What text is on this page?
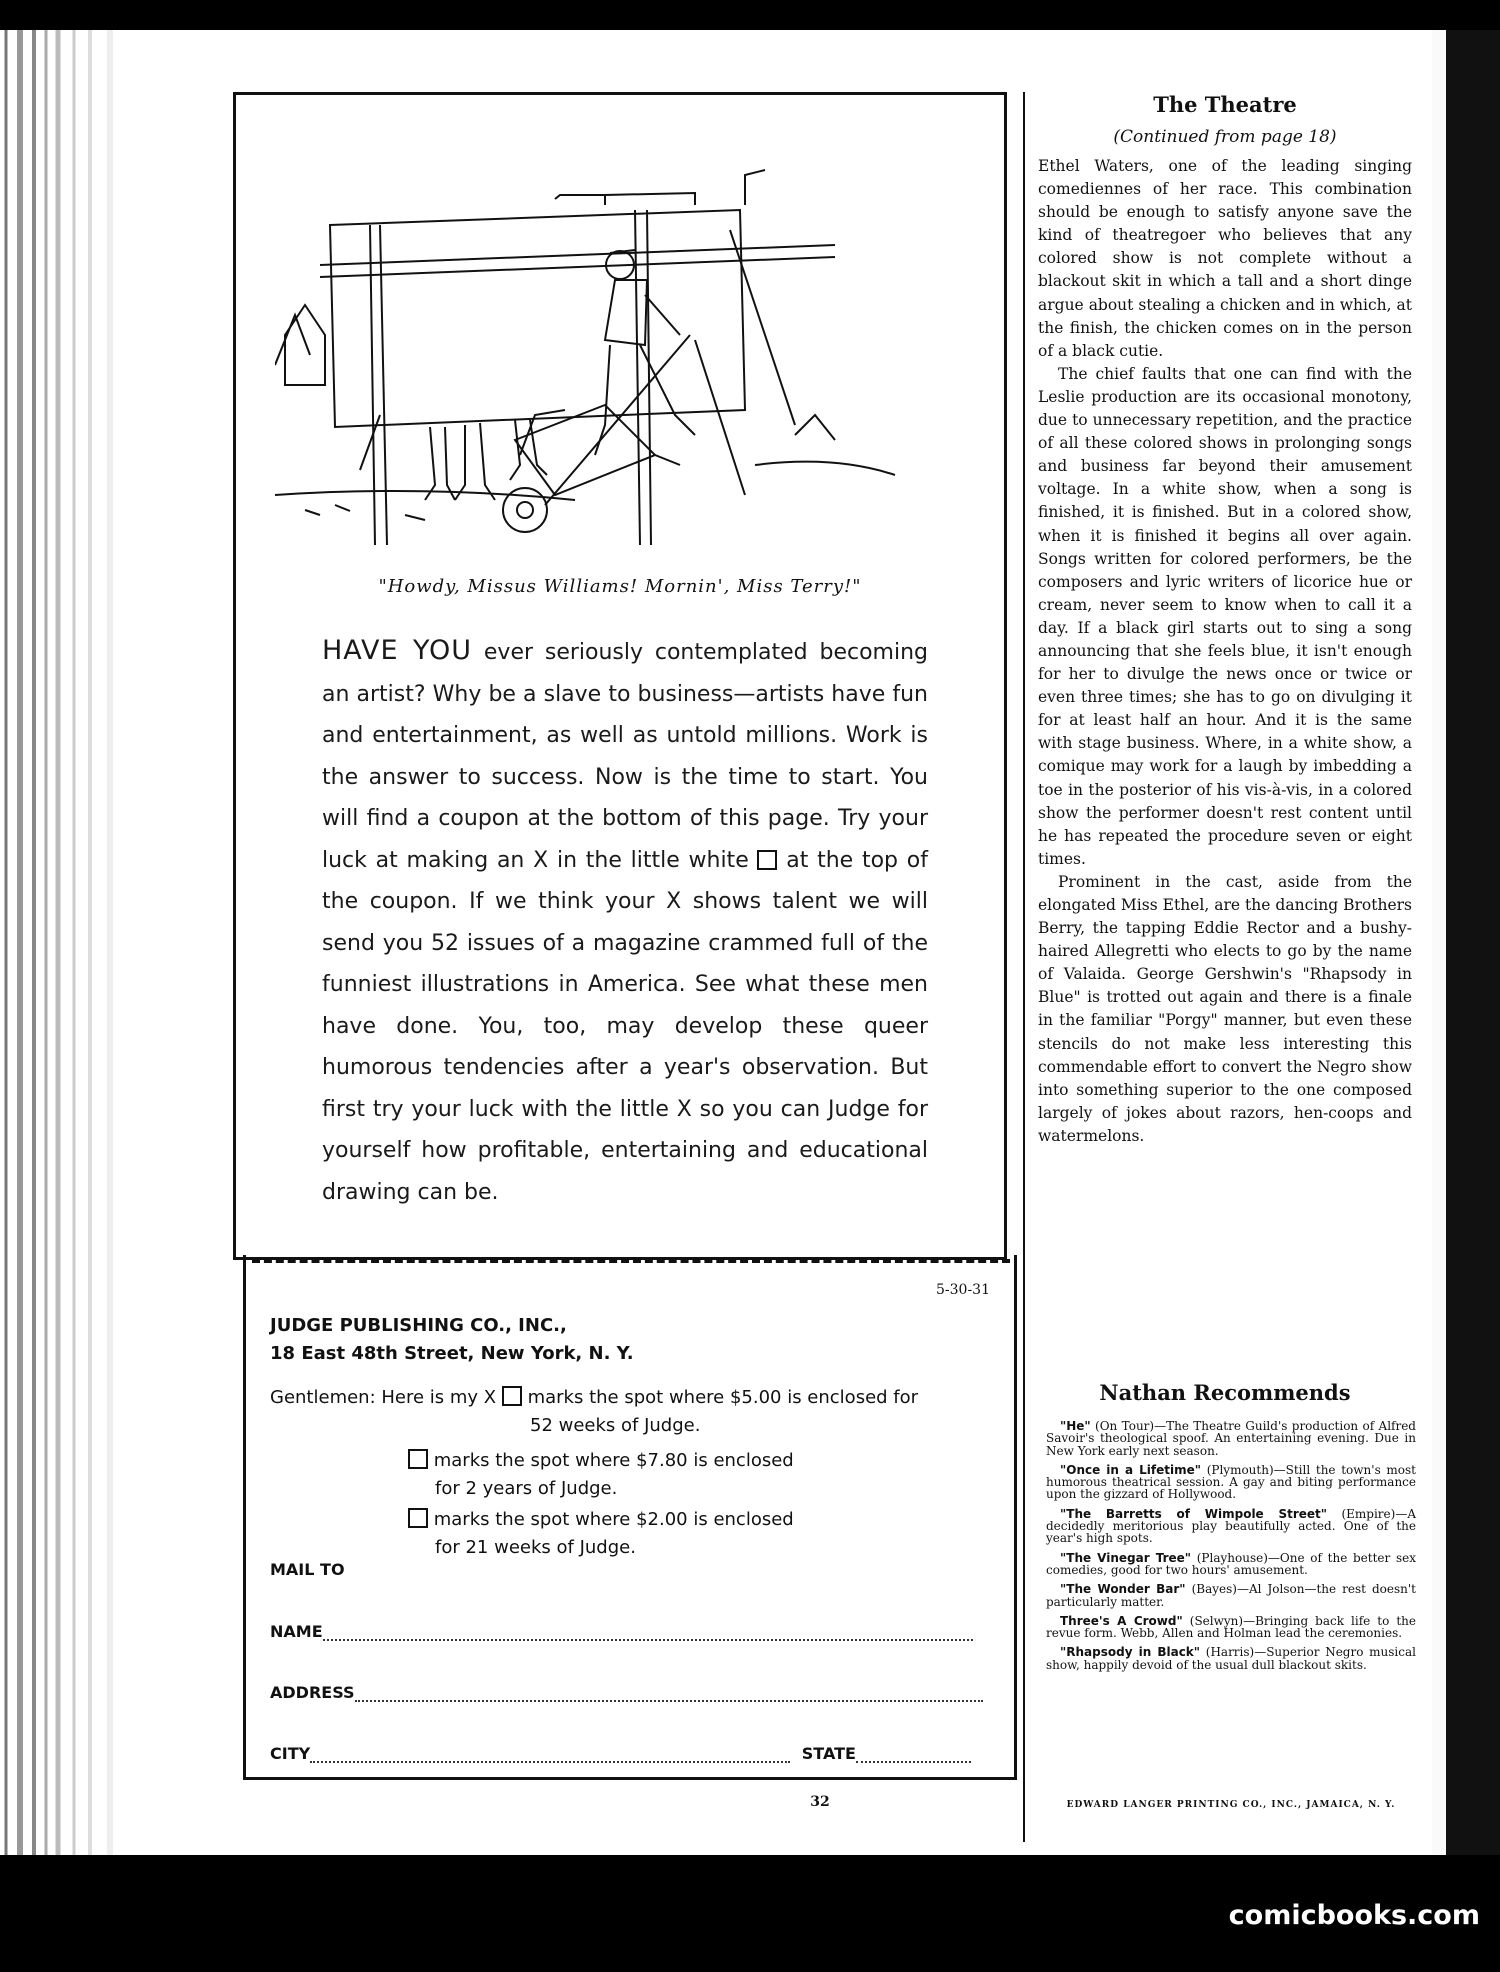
"Howdy, Missus Williams! Mornin', Miss Terry!"
HAVE YOU ever seriously contemplated becoming an artist? Why be a slave to business—artists have fun and entertainment, as well as untold millions. Work is the answer to success. Now is the time to start. You will find a coupon at the bottom of this page. Try your luck at making an X in the little white  at the top of the coupon. If we think your X shows talent we will send you 52 issues of a magazine crammed full of the funniest illustrations in America. See what these men have done. You, too, may develop these queer humorous tendencies after a year's observation. But first try your luck with the little X so you can Judge for yourself how profitable, entertaining and educational drawing can be.
5-30-31
JUDGE PUBLISHING CO., INC.,
18 East 48th Street, New York, N. Y.
Gentlemen: Here is my X marks the spot where $5.00 is enclosed for
52 weeks of Judge.
marks the spot where $7.80 is enclosed
for 2 years of Judge.
marks the spot where $2.00 is enclosed
for 21 weeks of Judge.
MAIL TO
NAME
ADDRESS
CITY	STATE
The Theatre
(Continued from page 18)

Ethel Waters, one of the leading singing comediennes of her race. This combination should be enough to satisfy anyone save the kind of theatregoer who believes that any colored show is not complete without a blackout skit in which a tall and a short dinge argue about stealing a chicken and in which, at the finish, the chicken comes on in the person of a black cutie.

The chief faults that one can find with the Leslie production are its occasional monotony, due to unnecessary repetition, and the practice of all these colored shows in prolonging songs and business far beyond their amusement voltage. In a white show, when a song is finished, it is finished. But in a colored show, when it is finished it begins all over again. Songs written for colored performers, be the composers and lyric writers of licorice hue or cream, never seem to know when to call it a day. If a black girl starts out to sing a song announcing that she feels blue, it isn't enough for her to divulge the news once or twice or even three times; she has to go on divulging it for at least half an hour. And it is the same with stage business. Where, in a white show, a comique may work for a laugh by imbedding a toe in the posterior of his vis-à-vis, in a colored show the performer doesn't rest content until he has repeated the procedure seven or eight times.

Prominent in the cast, aside from the elongated Miss Ethel, are the dancing Brothers Berry, the tapping Eddie Rector and a bushy-haired Allegretti who elects to go by the name of Valaida. George Gershwin's "Rhapsody in Blue" is trotted out again and there is a finale in the familiar "Porgy" manner, but even these stencils do not make less interesting this commendable effort to convert the Negro show into something superior to the one composed largely of jokes about razors, hen-coops and watermelons.

Nathan Recommends

"He" (On Tour)—The Theatre Guild's production of Alfred Savoir's theological spoof. An entertaining evening. Due in New York early next season.

"Once in a Lifetime" (Plymouth)—Still the town's most humorous theatrical session. A gay and biting performance upon the gizzard of Hollywood.

"The Barretts of Wimpole Street" (Empire)—A decidedly meritorious play beautifully acted. One of the year's high spots.

"The Vinegar Tree" (Playhouse)—One of the better sex comedies, good for two hours' amusement.

"The Wonder Bar" (Bayes)—Al Jolson—the rest doesn't particularly matter.

Three's A Crowd" (Selwyn)—Bringing back life to the revue form. Webb, Allen and Holman lead the ceremonies.

"Rhapsody in Black" (Harris)—Superior Negro musical show, happily devoid of the usual dull blackout skits.

32	EDWARD LANGER PRINTING CO., INC., JAMAICA, N. Y.
comicbooks.com
